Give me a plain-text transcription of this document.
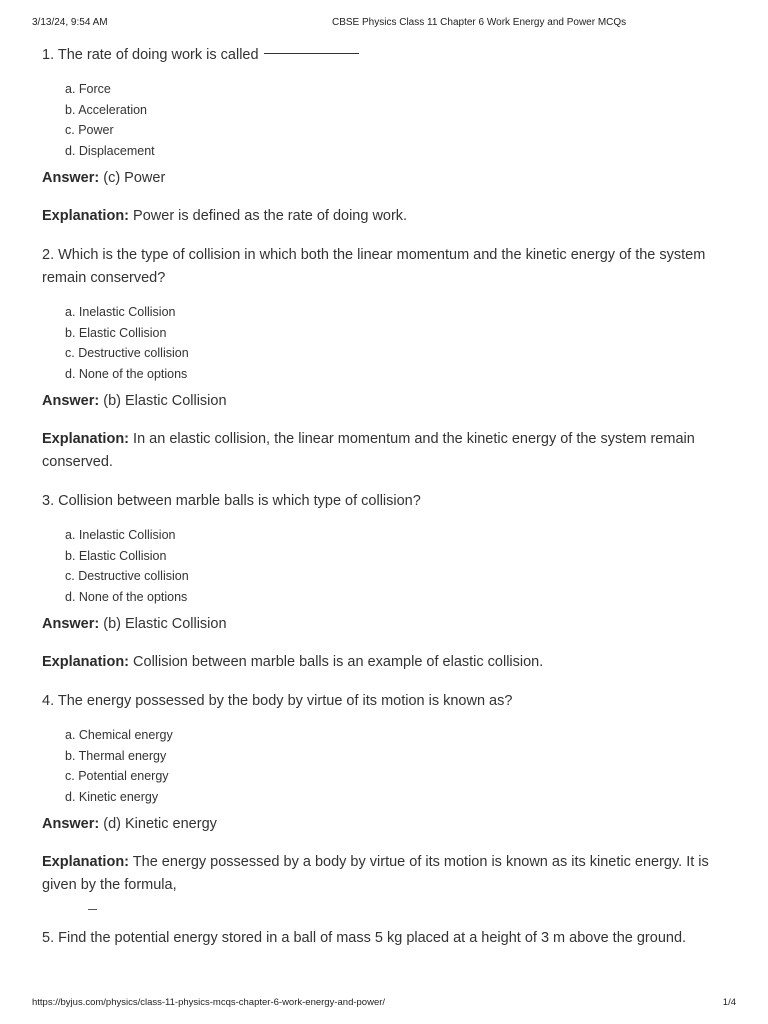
3/13/24, 9:54 AM	CBSE Physics Class 11 Chapter 6 Work Energy and Power MCQs

1. The rate of doing work is called

a. Force
b. Acceleration
c. Power
d. Displacement

Answer: (c) Power

Explanation: Power is defined as the rate of doing work.

2. Which is the type of collision in which both the linear momentum and the kinetic energy of the system remain conserved?

a. Inelastic Collision
b. Elastic Collision
c. Destructive collision
d. None of the options

Answer: (b) Elastic Collision

Explanation: In an elastic collision, the linear momentum and the kinetic energy of the system remain conserved.

3. Collision between marble balls is which type of collision?

a. Inelastic Collision
b. Elastic Collision
c. Destructive collision
d. None of the options

Answer: (b) Elastic Collision

Explanation: Collision between marble balls is an example of elastic collision.

4. The energy possessed by the body by virtue of its motion is known as?

a. Chemical energy
b. Thermal energy
c. Potential energy
d. Kinetic energy

Answer: (d) Kinetic energy

Explanation: The energy possessed by a body by virtue of its motion is known as its kinetic energy. It is given by the formula,

5. Find the potential energy stored in a ball of mass 5 kg placed at a height of 3 m above the ground.

https://byjus.com/physics/class-11-physics-mcqs-chapter-6-work-energy-and-power/	1/4
